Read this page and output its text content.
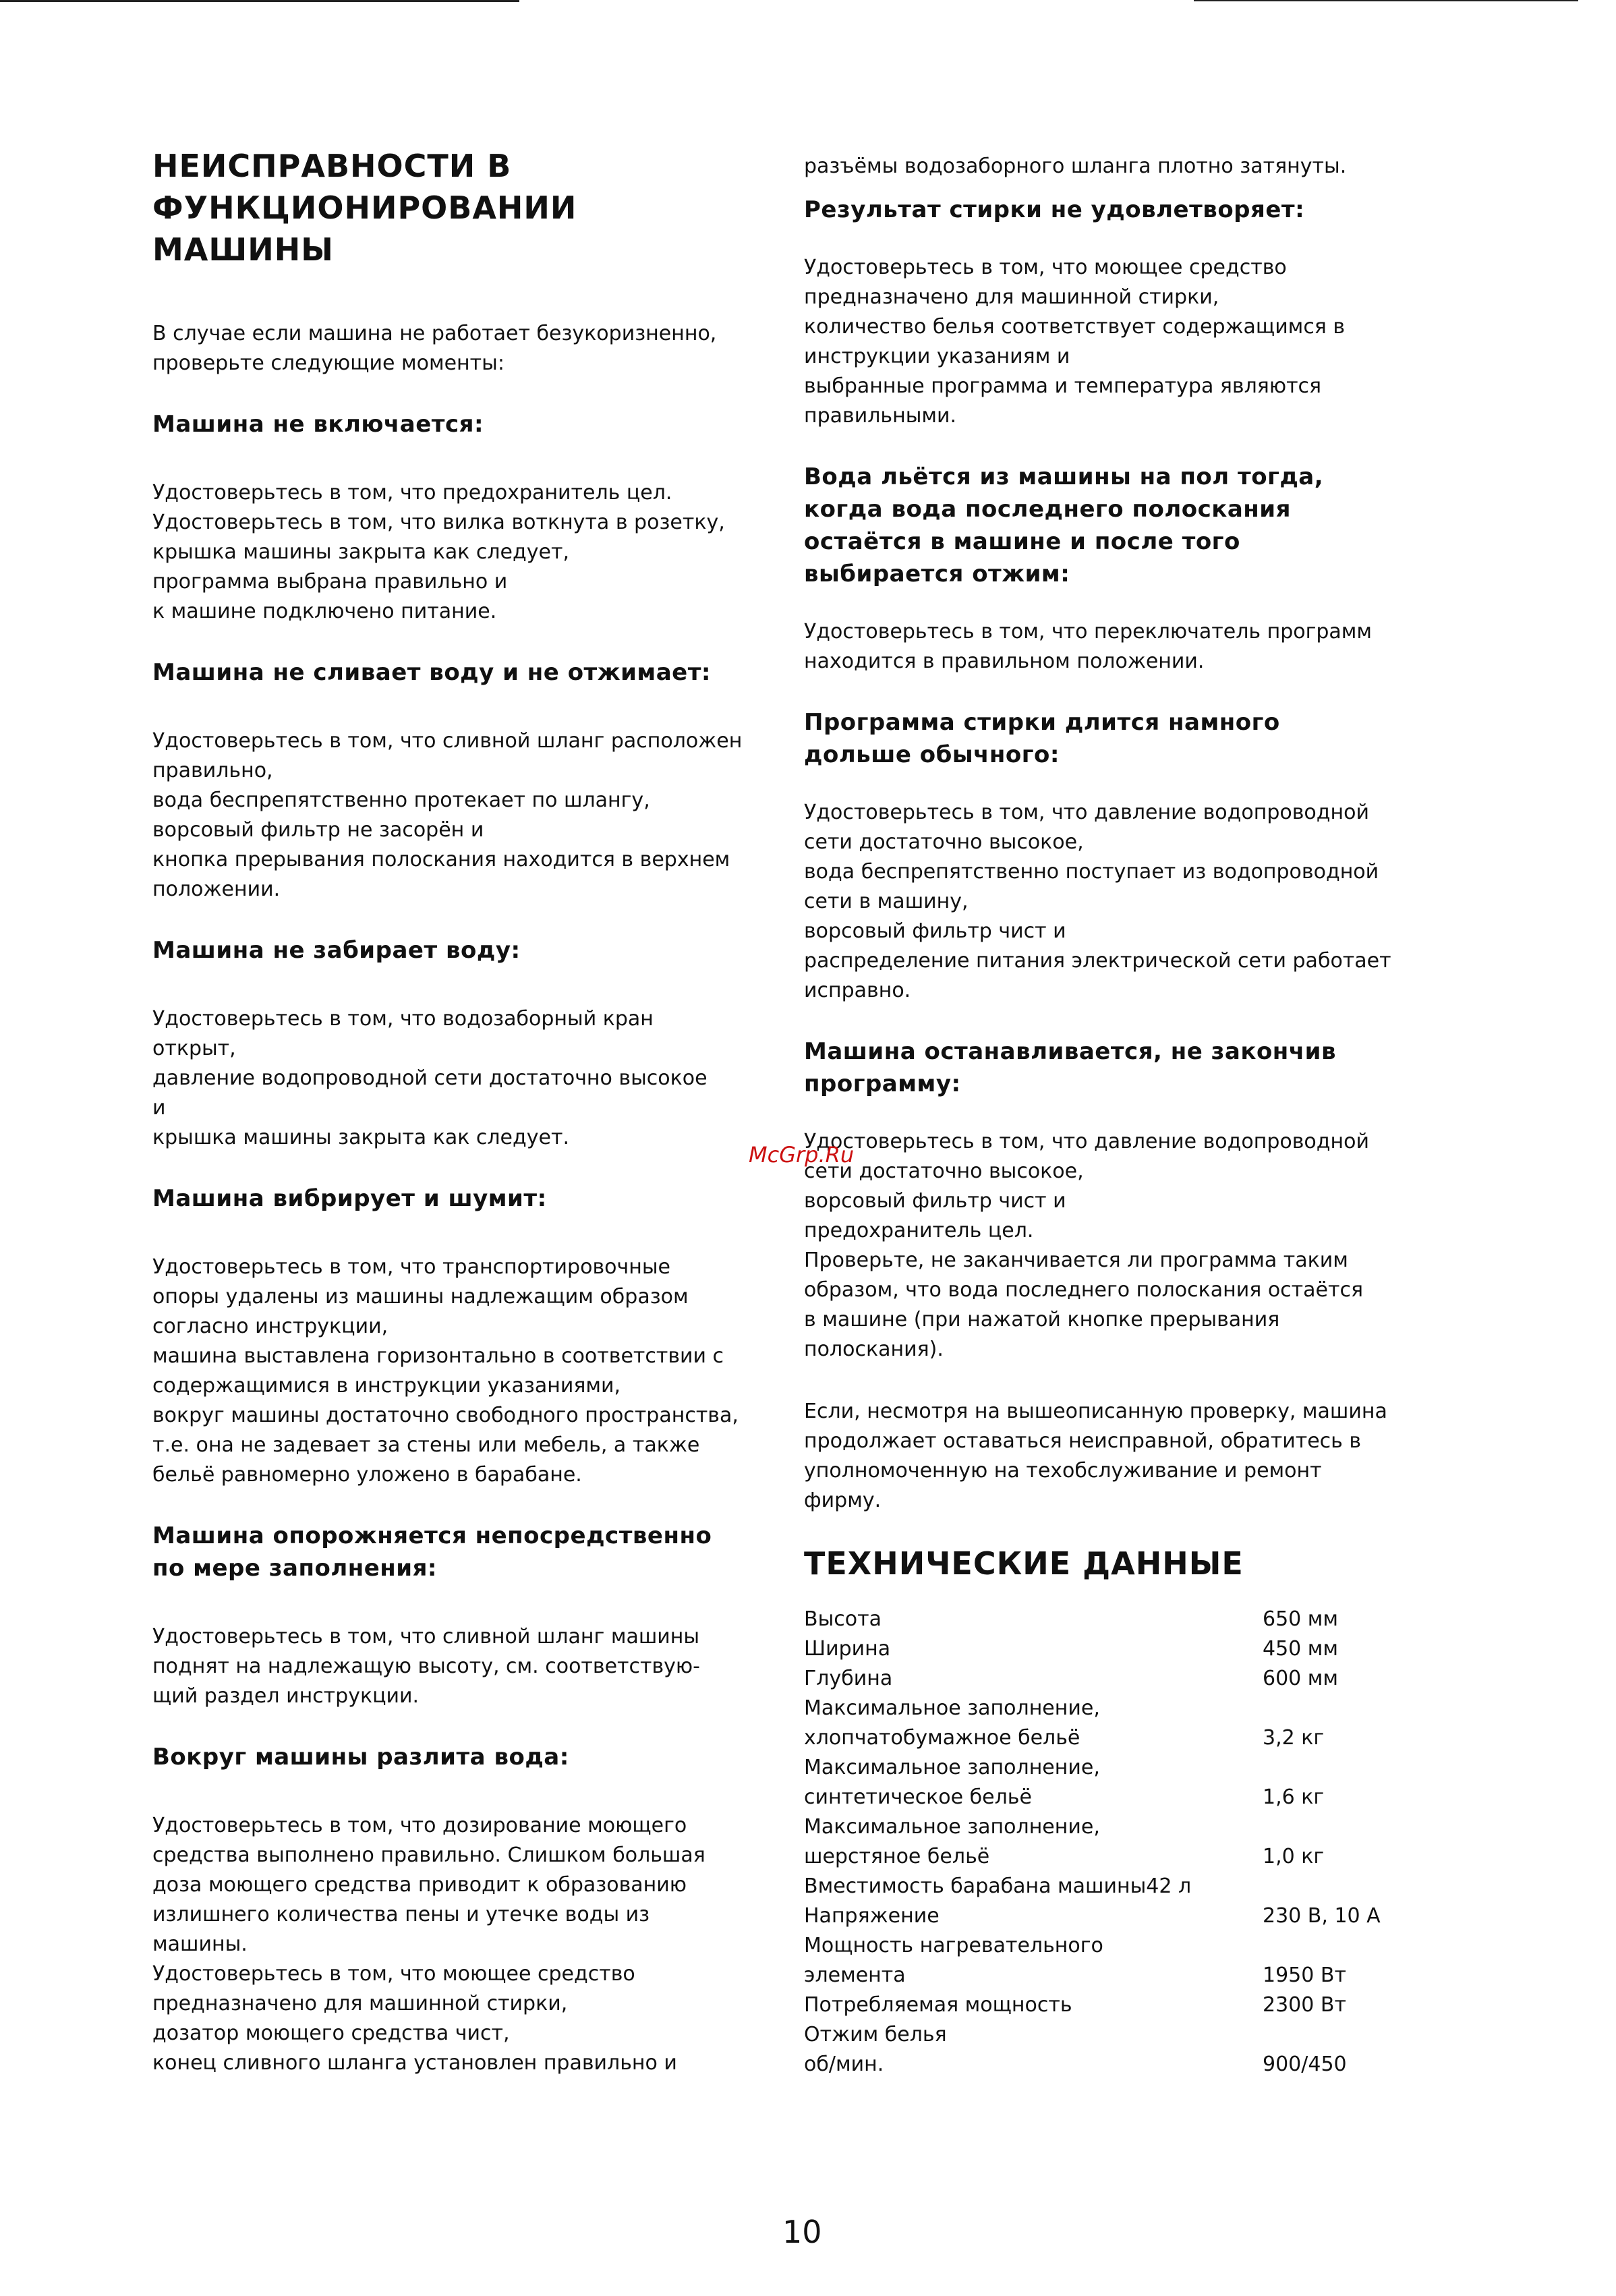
НЕИСПРАВНОСТИ В
ФУНКЦИОНИРОВАНИИ
МАШИНЫ

В случае если машина не работает безукоризненно,

проверьте следующие моменты:

Машина не включается:

Удостоверьтесь в том, что предохранитель цел.

Удостоверьтесь в том, что вилка воткнута в розетку,

крышка машины закрыта как следует,

программа выбрана правильно и

к машине подключено питание.

Машина не сливает воду и не отжимает:

Удостоверьтесь в том, что сливной шланг расположен

правильно,

вода беспрепятственно протекает по шлангу,

ворсовый фильтр не засорён и

кнопка прерывания полоскания находится в верхнем

положении.

Машина не забирает воду:

Удостоверьтесь в том, что водозаборный кран

открыт,

давление водопроводной сети достаточно высокое

и

крышка машины закрыта как следует.

Машина вибрирует и шумит:

Удостоверьтесь в том, что транспортировочные

опоры удалены из машины надлежащим образом

согласно инструкции,

машина выставлена горизонтально в соответствии с

содержащимися в инструкции указаниями,

вокруг машины достаточно свободного пространства,

т.е. она не задевает за стены или мебель, а также

бельё равномерно уложено в барабане.

Машина опорожняется непосредственно
по мере заполнения:

Удостоверьтесь в том, что сливной шланг машины

поднят на надлежащую высоту, см. соответствую-

щий раздел инструкции.

Вокруг машины разлита вода:

Удостоверьтесь в том, что дозирование моющего

средства выполнено правильно. Слишком большая

доза моющего средства приводит к образованию

излишнего количества пены и утечке воды из

машины.

Удостоверьтесь в том, что моющее средство

предназначено для машинной стирки,

дозатор моющего средства чист,

конец сливного шланга установлен правильно и

разъёмы водозаборного шланга плотно затянуты.

Результат стирки не удовлетворяет:

Удостоверьтесь в том, что моющее средство

предназначено для машинной стирки,

количество белья соответствует содержащимся в

инструкции указаниям и

выбранные программа и температура являются

правильными.

Вода льётся из машины на пол тогда,
когда вода последнего полоскания
остаётся в машине и после того
выбирается отжим:

Удостоверьтесь в том, что переключатель программ

находится в правильном положении.

Программа стирки длится намного
дольше обычного:

Удостоверьтесь в том, что давление водопроводной

сети достаточно высокое,

вода беспрепятственно поступает из водопроводной

сети в машину,

ворсовый фильтр чист и

распределение питания электрической сети работает

исправно.

Машина останавливается, не закончив
программу:

Удостоверьтесь в том, что давление водопроводной

сети достаточно высокое,

ворсовый фильтр чист и

предохранитель цел.

Проверьте, не заканчивается ли программа таким

образом, что вода последнего полоскания остаётся

в машине (при нажатой кнопке прерывания полоскания).

Если, несмотря на вышеописанную проверку, машина

продолжает оставаться неисправной, обратитесь в

уполномоченную на техобслуживание и ремонт

фирму.

ТЕХНИЧЕСКИЕ ДАННЫЕ
Высота	650 мм

Ширина	450 мм

Глубина	600 мм

Максимальное заполнение,
хлопчатобумажное бельё	3,2 кг

Максимальное заполнение,
синтетическое бельё	1,6 кг

Максимальное заполнение,
шерстяное бельё	1,0 кг

Вместимость барабана машины42 л	

Напряжение	230 В, 10 А

Мощность нагревательного
элемента	1950 Вт

Потребляемая мощность	2300 Вт

Отжим белья
об/мин.	900/450
McGrp.Ru
10
